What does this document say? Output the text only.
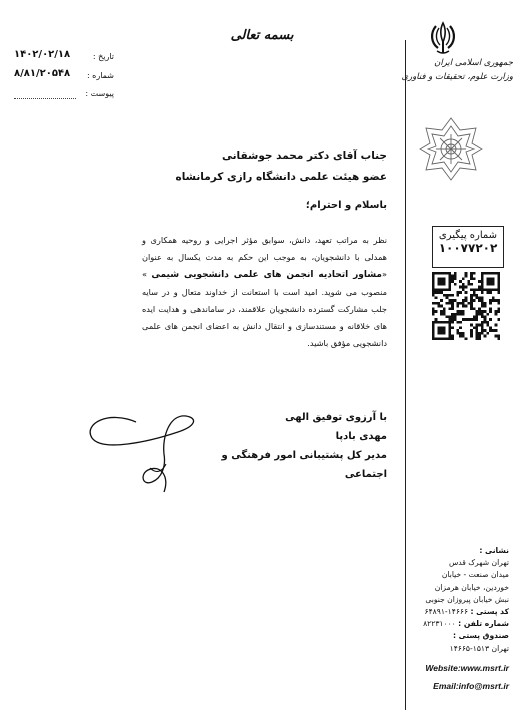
بسمه تعالی
جمهوری اسلامی ایران
وزارت علوم، تحقیقات و فناوری
۱۴۰۲/۰۲/۱۸	تاریخ :
۸/۸۱/۲۰۵۴۸ شماره :
پیوست :
جناب آقای دکتر محمد جوشقانی
عضو هیئت علمی دانشگاه رازی کرمانشاه
باسلام و احترام؛
نظر به مراتب تعهد، دانش، سوابق مؤثر اجرایی و روحیه همکاری و همدلی با دانشجویان، به موجب این حکم به مدت یکسال به عنوان «مشاور اتحادیه انجمن های علمی دانشجویی شیمی » منصوب می شوید. امید است با استعانت از خداوند متعال و در سایه جلب مشارکت گسترده دانشجویان علاقمند، در ساماندهی و هدایت ایده های خلاقانه و مستندسازی و انتقال دانش به اعضای انجمن های علمی دانشجویی مؤفق باشید.
شماره پیگیری
۱۰۰۷۷۲۰۲
با آرزوی توفیق الهی
مهدی بادپا
مدیر کل پشتیبانی امور فرهنگی و اجتماعی
نشانی :
تهران شهرک قدس
میدان صنعت - خیابان
خوردین، خیابان هرمزان
نبش خیابان پیروزان جنوبی
کد پستی : ۱۴۶۶۶-۶۴۸۹۱
شماره تلفن : ۸۲۲۳۱۰۰۰
صندوق پستی :
تهران ۱۵۱۳-۱۴۶۶۵
Website:www.msrt.ir
Email:info@msrt.ir
